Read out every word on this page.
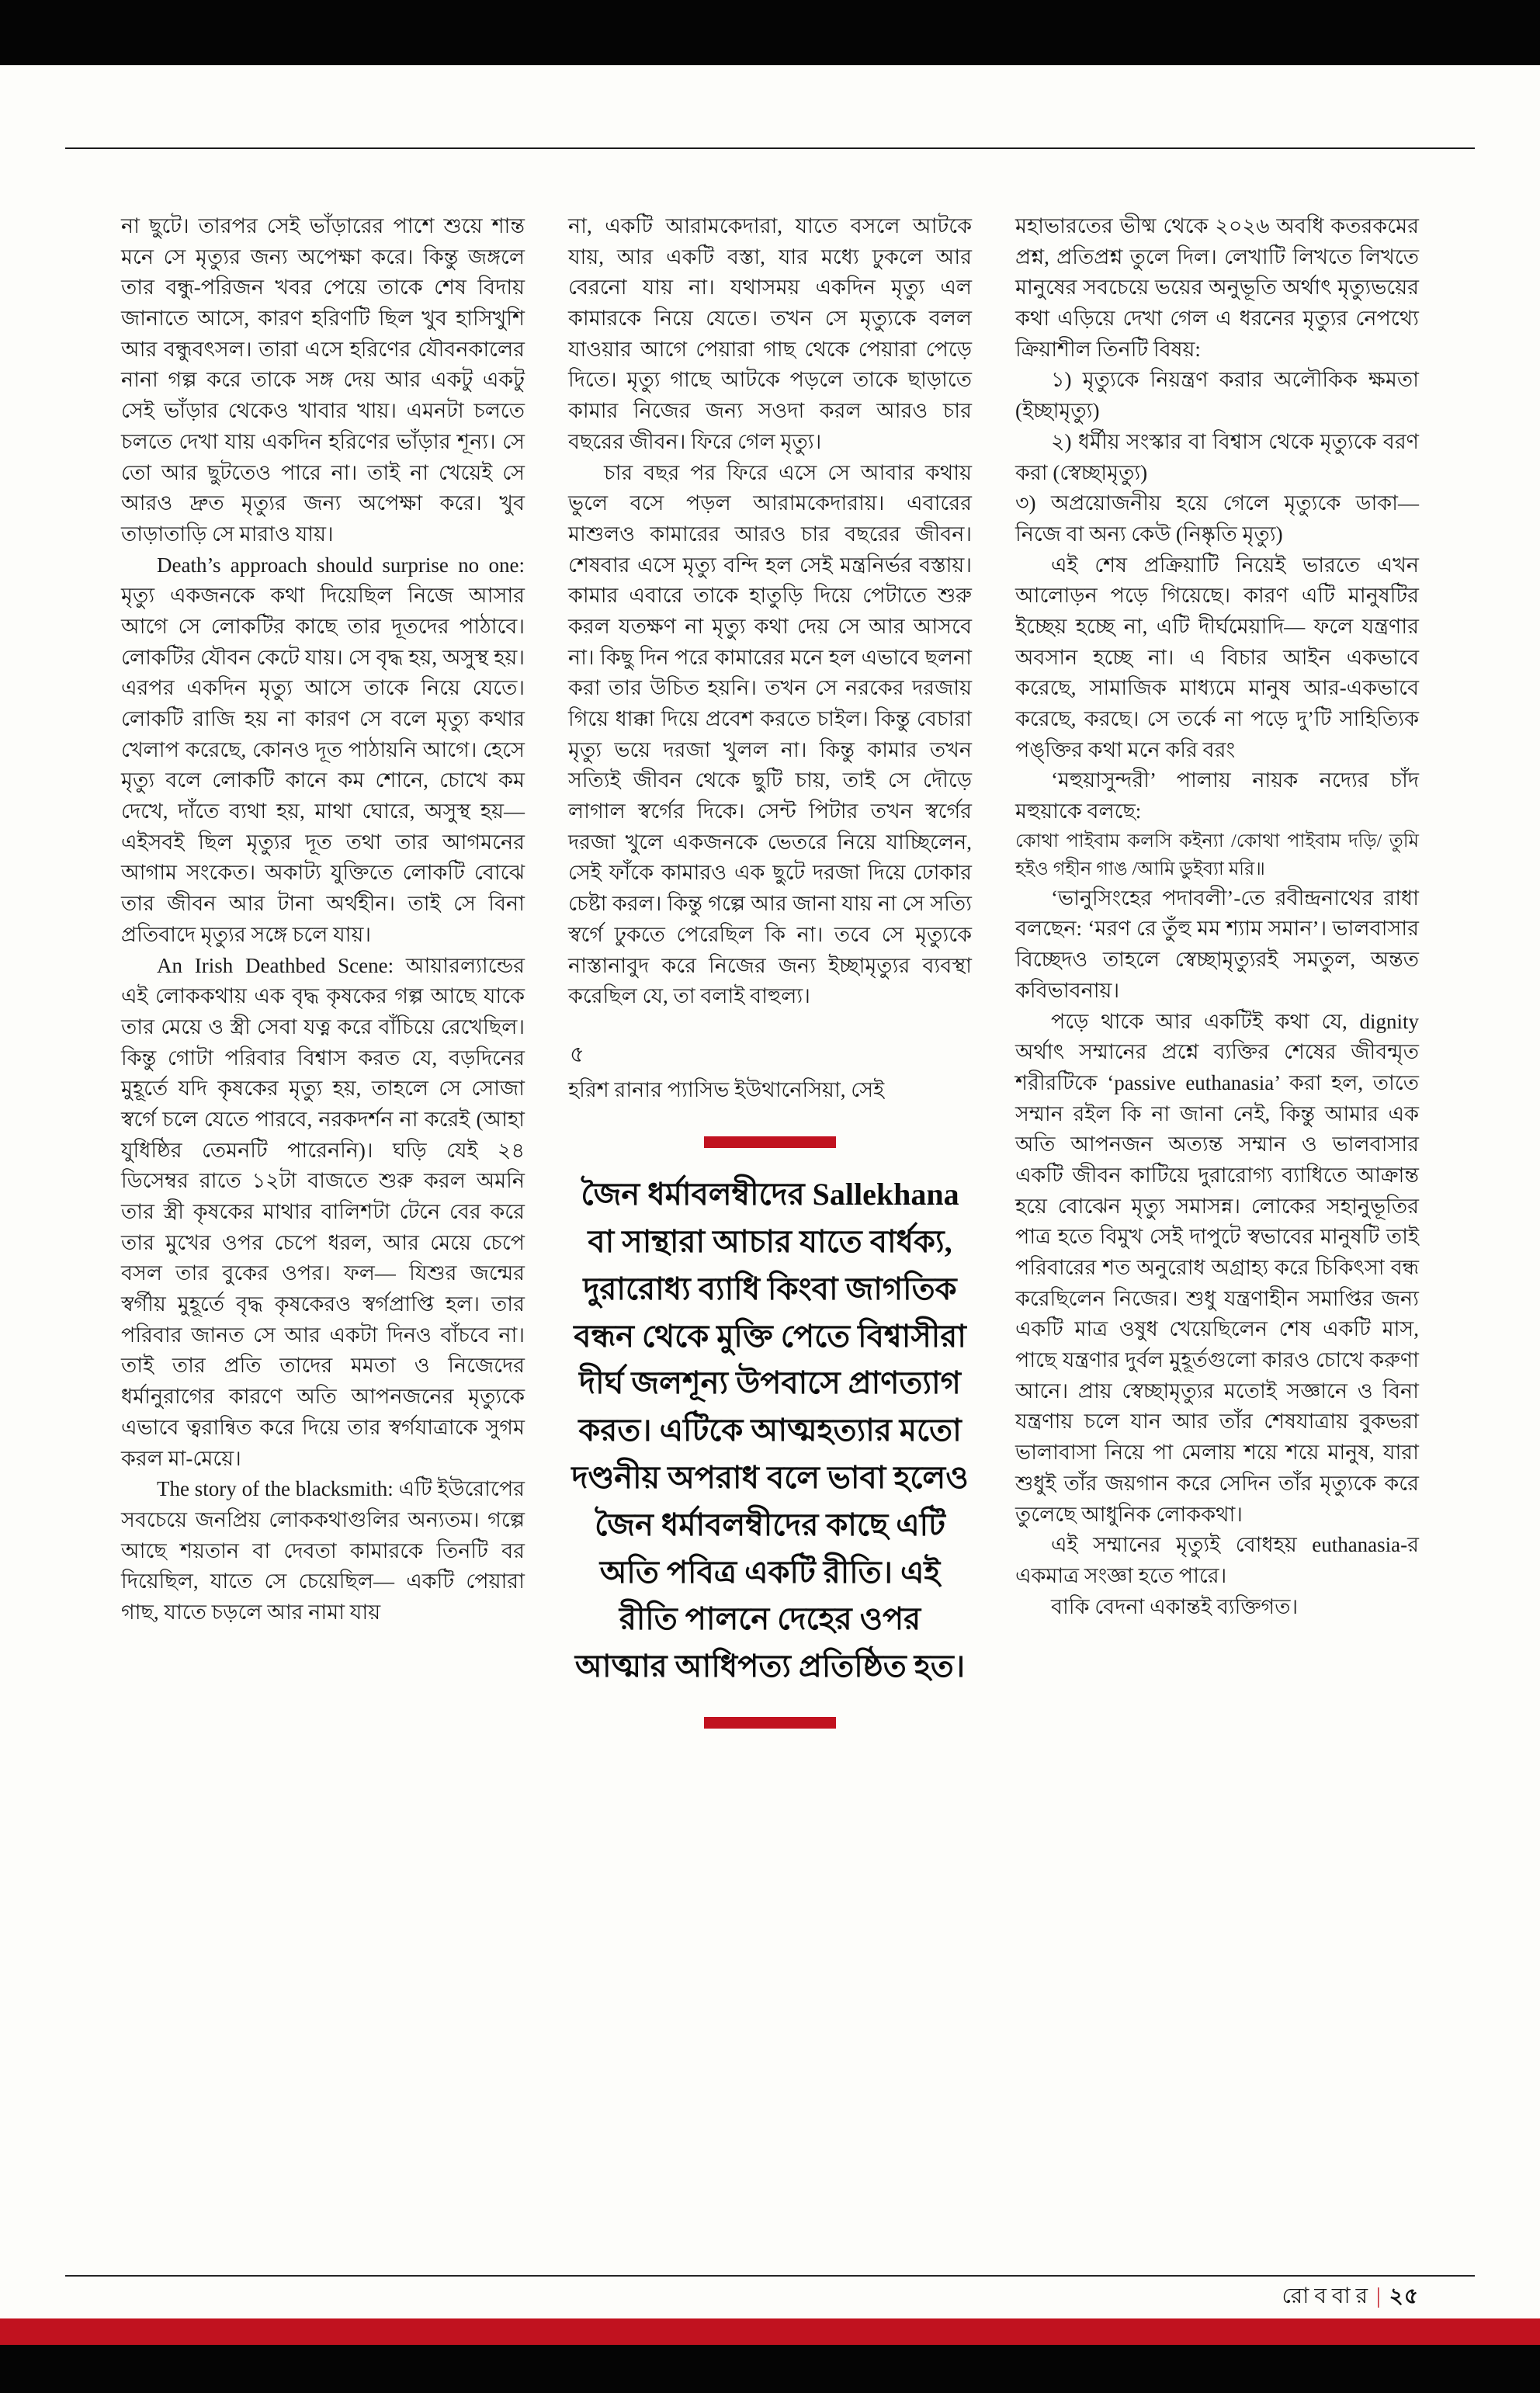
না ছুটে। তারপর সেই ভাঁড়ারের পাশে শুয়ে শান্ত মনে সে মৃত্যুর জন্য অপেক্ষা করে। কিন্তু জঙ্গলে তার বন্ধু-পরিজন খবর পেয়ে তাকে শেষ বিদায় জানাতে আসে, কারণ হরিণটি ছিল খুব হাসিখুশি আর বন্ধুবৎসল। তারা এসে হরিণের যৌবনকালের নানা গল্প করে তাকে সঙ্গ দেয় আর একটু একটু সেই ভাঁড়ার থেকেও খাবার খায়। এমনটা চলতে চলতে দেখা যায় একদিন হরিণের ভাঁড়ার শূন্য। সে তো আর ছুটতেও পারে না। তাই না খেয়েই সে আরও দ্রুত মৃত্যুর জন্য অপেক্ষা করে। খুব তাড়াতাড়ি সে মারাও যায়।

Death’s approach should surprise no one: মৃত্যু একজনকে কথা দিয়েছিল নিজে আসার আগে সে লোকটির কাছে তার দূতদের পাঠাবে। লোকটির যৌবন কেটে যায়। সে বৃদ্ধ হয়, অসুস্থ হয়। এরপর একদিন মৃত্যু আসে তাকে নিয়ে যেতে। লোকটি রাজি হয় না কারণ সে বলে মৃত্যু কথার খেলাপ করেছে, কোনও দূত পাঠায়নি আগে। হেসে মৃত্যু বলে লোকটি কানে কম শোনে, চোখে কম দেখে, দাঁতে ব্যথা হয়, মাথা ঘোরে, অসুস্থ হয়— এইসবই ছিল মৃত্যুর দূত তথা তার আগমনের আগাম সংকেত। অকাট্য যুক্তিতে লোকটি বোঝে তার জীবন আর টানা অর্থহীন। তাই সে বিনা প্রতিবাদে মৃত্যুর সঙ্গে চলে যায়।

An Irish Deathbed Scene: আয়ারল্যান্ডের এই লোককথায় এক বৃদ্ধ কৃষকের গল্প আছে যাকে তার মেয়ে ও স্ত্রী সেবা যত্ন করে বাঁচিয়ে রেখেছিল। কিন্তু গোটা পরিবার বিশ্বাস করত যে, বড়দিনের মুহূর্তে যদি কৃষকের মৃত্যু হয়, তাহলে সে সোজা স্বর্গে চলে যেতে পারবে, নরকদর্শন না করেই (আহা যুধিষ্ঠির তেমনটি পারেননি)। ঘড়ি যেই ২৪ ডিসেম্বর রাতে ১২টা বাজতে শুরু করল অমনি তার স্ত্রী কৃষকের মাথার বালিশটা টেনে বের করে তার মুখের ওপর চেপে ধরল, আর মেয়ে চেপে বসল তার বুকের ওপর। ফল— যিশুর জন্মের স্বর্গীয় মুহূর্তে বৃদ্ধ কৃষকেরও স্বর্গপ্রাপ্তি হল। তার পরিবার জানত সে আর একটা দিনও বাঁচবে না। তাই তার প্রতি তাদের মমতা ও নিজেদের ধর্মানুরাগের কারণে অতি আপনজনের মৃত্যুকে এভাবে ত্বরান্বিত করে দিয়ে তার স্বর্গযাত্রাকে সুগম করল মা-মেয়ে।

The story of the blacksmith: এটি ইউরোপের সবচেয়ে জনপ্রিয় লোককথাগুলির অন্যতম। গল্পে আছে শয়তান বা দেবতা কামারকে তিনটি বর দিয়েছিল, যাতে সে চেয়েছিল— একটি পেয়ারা গাছ, যাতে চড়লে আর নামা যায়

না, একটি আরামকেদারা, যাতে বসলে আটকে যায়, আর একটি বস্তা, যার মধ্যে ঢুকলে আর বেরনো যায় না। যথাসময় একদিন মৃত্যু এল কামারকে নিয়ে যেতে। তখন সে মৃত্যুকে বলল যাওয়ার আগে পেয়ারা গাছ থেকে পেয়ারা পেড়ে দিতে। মৃত্যু গাছে আটকে পড়লে তাকে ছাড়াতে কামার নিজের জন্য সওদা করল আরও চার বছরের জীবন। ফিরে গেল মৃত্যু।

চার বছর পর ফিরে এসে সে আবার কথায় ভুলে বসে পড়ল আরামকেদারায়। এবারের মাশুলও কামারের আরও চার বছরের জীবন। শেষবার এসে মৃত্যু বন্দি হল সেই মন্ত্রনির্ভর বস্তায়। কামার এবারে তাকে হাতুড়ি দিয়ে পেটাতে শুরু করল যতক্ষণ না মৃত্যু কথা দেয় সে আর আসবে না। কিছু দিন পরে কামারের মনে হল এভাবে ছলনা করা তার উচিত হয়নি। তখন সে নরকের দরজায় গিয়ে ধাক্কা দিয়ে প্রবেশ করতে চাইল। কিন্তু বেচারা মৃত্যু ভয়ে দরজা খুলল না। কিন্তু কামার তখন সত্যিই জীবন থেকে ছুটি চায়, তাই সে দৌড়ে লাগাল স্বর্গের দিকে। সেন্ট পিটার তখন স্বর্গের দরজা খুলে একজনকে ভেতরে নিয়ে যাচ্ছিলেন, সেই ফাঁকে কামারও এক ছুটে দরজা দিয়ে ঢোকার চেষ্টা করল। কিন্তু গল্পে আর জানা যায় না সে সত্যি স্বর্গে ঢুকতে পেরেছিল কি না। তবে সে মৃত্যুকে নাস্তানাবুদ করে নিজের জন্য ইচ্ছামৃত্যুর ব্যবস্থা করেছিল যে, তা বলাই বাহুল্য।

৫

হরিশ রানার প্যাসিভ ইউথানেসিয়া, সেই

জৈন ধর্মাবলম্বীদের Sallekhana বা সান্থারা আচার যাতে বার্ধক্য, দুরারোধ্য ব্যাধি কিংবা জাগতিক বন্ধন থেকে মুক্তি পেতে বিশ্বাসীরা দীর্ঘ জলশূন্য উপবাসে প্রাণত্যাগ করত। এটিকে আত্মহত্যার মতো দণ্ডনীয় অপরাধ বলে ভাবা হলেও জৈন ধর্মাবলম্বীদের কাছে এটি অতি পবিত্র একটি রীতি। এই রীতি পালনে দেহের ওপর আত্মার আধিপত্য প্রতিষ্ঠিত হত।

মহাভারতের ভীষ্ম থেকে ২০২৬ অবধি কতরকমের প্রশ্ন, প্রতিপ্রশ্ন তুলে দিল। লেখাটি লিখতে লিখতে মানুষের সবচেয়ে ভয়ের অনুভূতি অর্থাৎ মৃত্যুভয়ের কথা এড়িয়ে দেখা গেল এ ধরনের মৃত্যুর নেপথ্যে ক্রিয়াশীল তিনটি বিষয়:

১) মৃত্যুকে নিয়ন্ত্রণ করার অলৌকিক ক্ষমতা (ইচ্ছামৃত্যু)

২) ধর্মীয় সংস্কার বা বিশ্বাস থেকে মৃত্যুকে বরণ করা (স্বেচ্ছামৃত্যু)

৩) অপ্রয়োজনীয় হয়ে গেলে মৃত্যুকে ডাকা— নিজে বা অন্য কেউ (নিষ্কৃতি মৃত্যু)

এই শেষ প্রক্রিয়াটি নিয়েই ভারতে এখন আলোড়ন পড়ে গিয়েছে। কারণ এটি মানুষটির ইচ্ছেয় হচ্ছে না, এটি দীর্ঘমেয়াদি— ফলে যন্ত্রণার অবসান হচ্ছে না। এ বিচার আইন একভাবে করেছে, সামাজিক মাধ্যমে মানুষ আর-একভাবে করেছে, করছে। সে তর্কে না পড়ে দু’টি সাহিত্যিক পঙ্‌ক্তির কথা মনে করি বরং

‘মহুয়াসুন্দরী’ পালায় নায়ক নদ্যের চাঁদ মহুয়াকে বলছে:

কোথা পাইবাম কলসি কইন্যা /কোথা পাইবাম দড়ি/ তুমি হইও গহীন গাঙ /আমি ডুইব্যা মরি॥

‘ভানুসিংহের পদাবলী’-তে রবীন্দ্রনাথের রাধা বলছেন: ‘মরণ রে তুঁহু মম শ্যাম সমান’। ভালবাসার বিচ্ছেদও তাহলে স্বেচ্ছামৃত্যুরই সমতুল, অন্তত কবিভাবনায়।

পড়ে থাকে আর একটিই কথা যে, dignity অর্থাৎ সম্মানের প্রশ্নে ব্যক্তির শেষের জীবন্মৃত শরীরটিকে ‘passive euthanasia’ করা হল, তাতে সম্মান রইল কি না জানা নেই, কিন্তু আমার এক অতি আপনজন অত্যন্ত সম্মান ও ভালবাসার একটি জীবন কাটিয়ে দুরারোগ্য ব্যাধিতে আক্রান্ত হয়ে বোঝেন মৃত্যু সমাসন্ন। লোকের সহানুভূতির পাত্র হতে বিমুখ সেই দাপুটে স্বভাবের মানুষটি তাই পরিবারের শত অনুরোধ অগ্রাহ্য করে চিকিৎসা বন্ধ করেছিলেন নিজের। শুধু যন্ত্রণাহীন সমাপ্তির জন্য একটি মাত্র ওষুধ খেয়েছিলেন শেষ একটি মাস, পাছে যন্ত্রণার দুর্বল মুহূর্তগুলো কারও চোখে করুণা আনে। প্রায় স্বেচ্ছামৃত্যুর মতোই সজ্ঞানে ও বিনা যন্ত্রণায় চলে যান আর তাঁর শেষযাত্রায় বুকভরা ভালাবাসা নিয়ে পা মেলায় শয়ে শয়ে মানুষ, যারা শুধুই তাঁর জয়গান করে সেদিন তাঁর মৃত্যুকে করে তুলেছে আধুনিক লোককথা।

এই সম্মানের মৃত্যুই বোধহয় euthanasia-র একমাত্র সংজ্ঞা হতে পারে।

বাকি বেদনা একান্তই ব্যক্তিগত।

রোববার | ২৫
